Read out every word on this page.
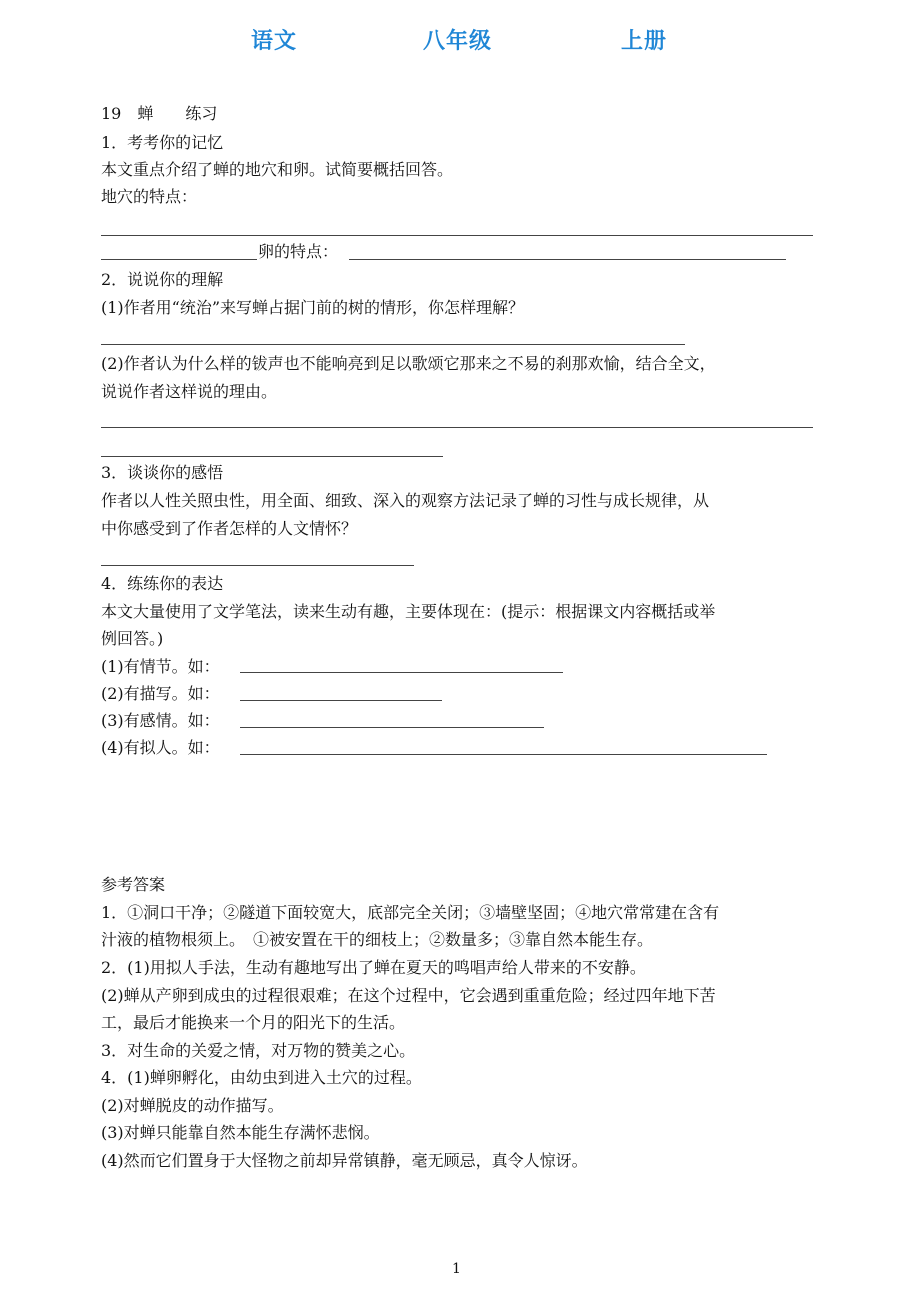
语文	八年级	上册
19　蝉　　练习
1．考考你的记忆
本文重点介绍了蝉的地穴和卵。试简要概括回答。
地穴的特点：
卵的特点：
2．说说你的理解
(1)作者用“统治”来写蝉占据门前的树的情形，你怎样理解？
(2)作者认为什么样的钹声也不能响亮到足以歌颂它那来之不易的刹那欢愉，结合全文，
说说作者这样说的理由。
3．谈谈你的感悟
作者以人性关照虫性，用全面、细致、深入的观察方法记录了蝉的习性与成长规律，从
中你感受到了作者怎样的人文情怀？
4．练练你的表达
本文大量使用了文学笔法，读来生动有趣，主要体现在：(提示：根据课文内容概括或举
例回答。)
(1)有情节。如：
(2)有描写。如：
(3)有感情。如：
(4)有拟人。如：
参考答案
1．①洞口干净；②隧道下面较宽大，底部完全关闭；③墙壁坚固；④地穴常常建在含有
汁液的植物根须上。　①被安置在干的细枝上；②数量多；③靠自然本能生存。
2．(1)用拟人手法，生动有趣地写出了蝉在夏天的鸣唱声给人带来的不安静。
(2)蝉从产卵到成虫的过程很艰难；在这个过程中，它会遇到重重危险；经过四年地下苦
工，最后才能换来一个月的阳光下的生活。
3．对生命的关爱之情，对万物的赞美之心。
4．(1)蝉卵孵化，由幼虫到进入土穴的过程。
(2)对蝉脱皮的动作描写。
(3)对蝉只能靠自然本能生存满怀悲悯。
(4)然而它们置身于大怪物之前却异常镇静，毫无顾忌，真令人惊讶。
1
